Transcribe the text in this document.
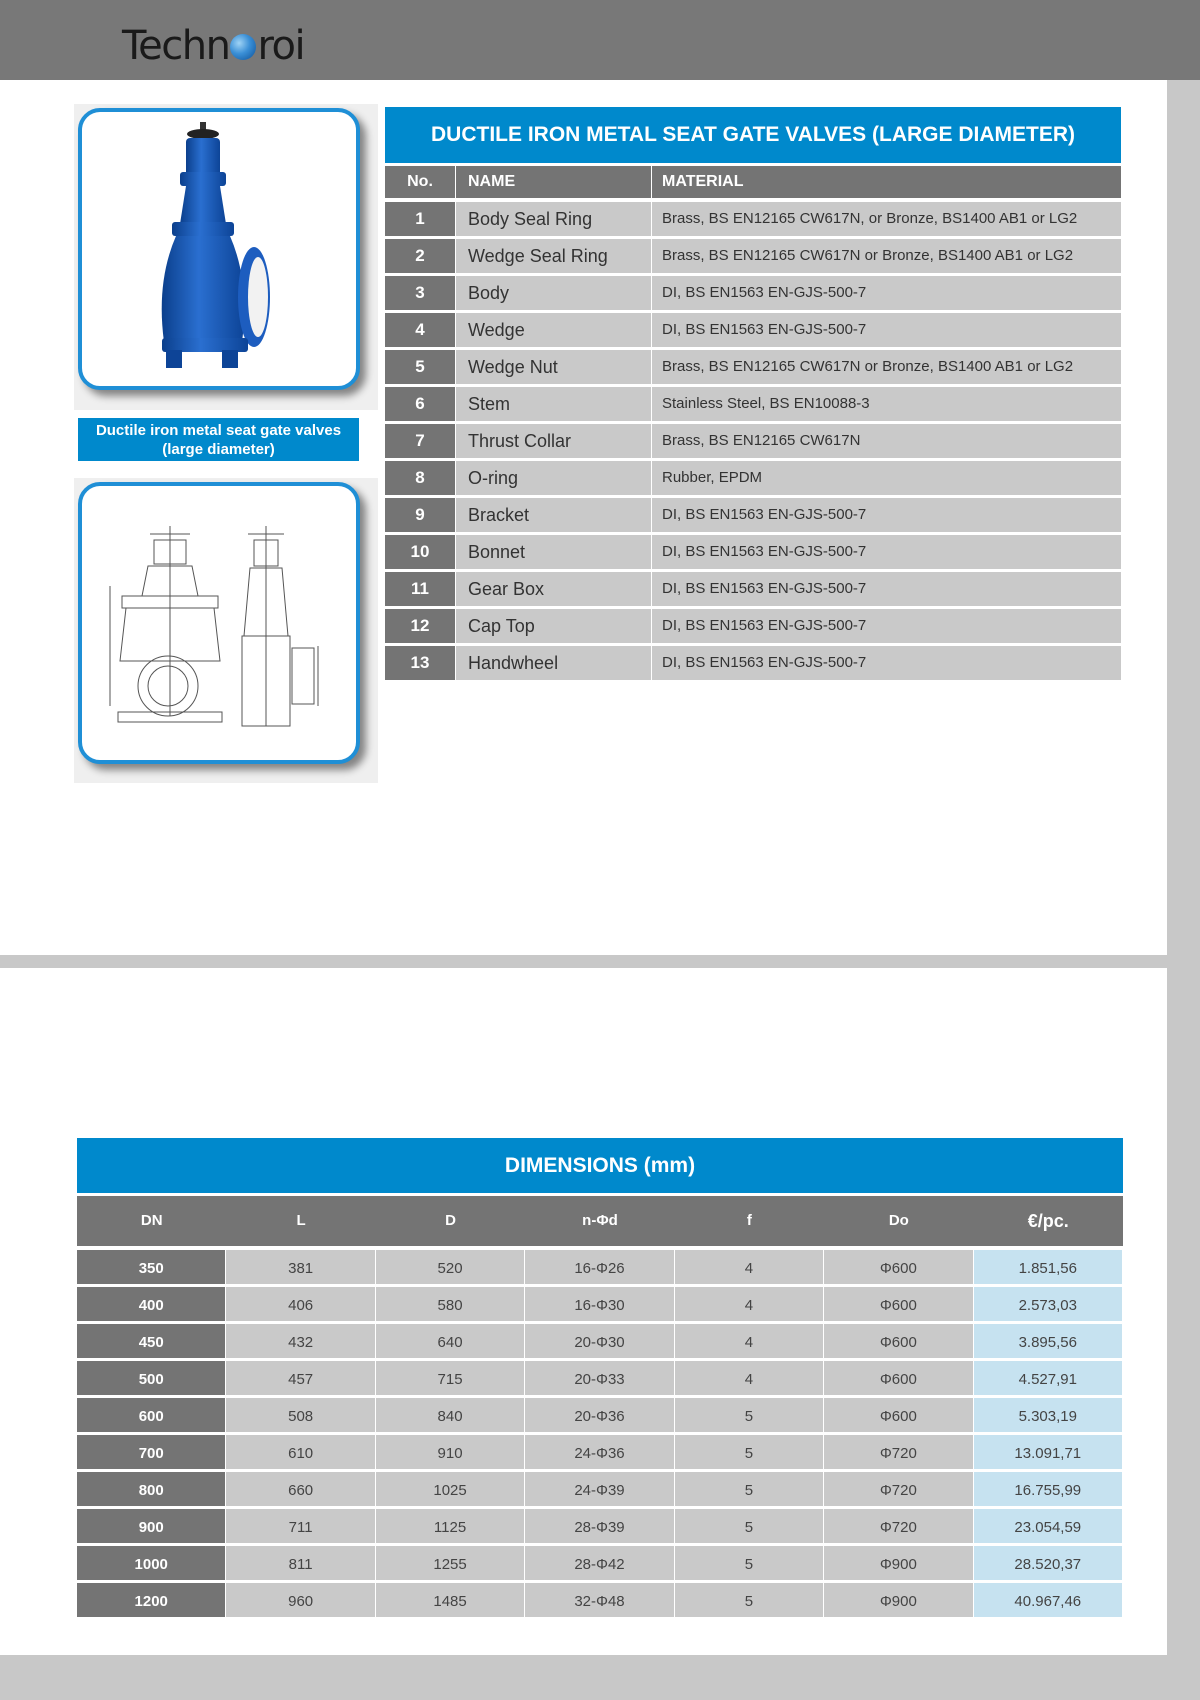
Techn roi
Ductile iron metal seat gate valves (large diameter)
DUCTILE IRON METAL SEAT GATE VALVES (LARGE DIAMETER)
No.	NAME	MATERIAL
1	Body Seal Ring	Brass, BS EN12165 CW617N, or Bronze, BS1400 AB1 or LG2
2	Wedge Seal Ring	Brass, BS EN12165 CW617N or Bronze, BS1400 AB1 or LG2
3	Body	DI, BS EN1563 EN-GJS-500-7
4	Wedge	DI, BS EN1563 EN-GJS-500-7
5	Wedge Nut	Brass, BS EN12165 CW617N or Bronze, BS1400 AB1 or LG2
6	Stem	Stainless Steel, BS EN10088-3
7	Thrust Collar	Brass, BS EN12165 CW617N
8	O-ring	Rubber, EPDM
9	Bracket	DI, BS EN1563 EN-GJS-500-7
10	Bonnet	DI, BS EN1563 EN-GJS-500-7
11	Gear Box	DI, BS EN1563 EN-GJS-500-7
12	Cap Top	DI, BS EN1563 EN-GJS-500-7
13	Handwheel	DI, BS EN1563 EN-GJS-500-7
DIMENSIONS (mm)
DN	L	D	n-Φd	f	Do	€/pc.
350	381	520	16-Φ26	4	Φ600	1.851,56
400	406	580	16-Φ30	4	Φ600	2.573,03
450	432	640	20-Φ30	4	Φ600	3.895,56
500	457	715	20-Φ33	4	Φ600	4.527,91
600	508	840	20-Φ36	5	Φ600	5.303,19
700	610	910	24-Φ36	5	Φ720	13.091,71
800	660	1025	24-Φ39	5	Φ720	16.755,99
900	711	1125	28-Φ39	5	Φ720	23.054,59
1000	811	1255	28-Φ42	5	Φ900	28.520,37
1200	960	1485	32-Φ48	5	Φ900	40.967,46
